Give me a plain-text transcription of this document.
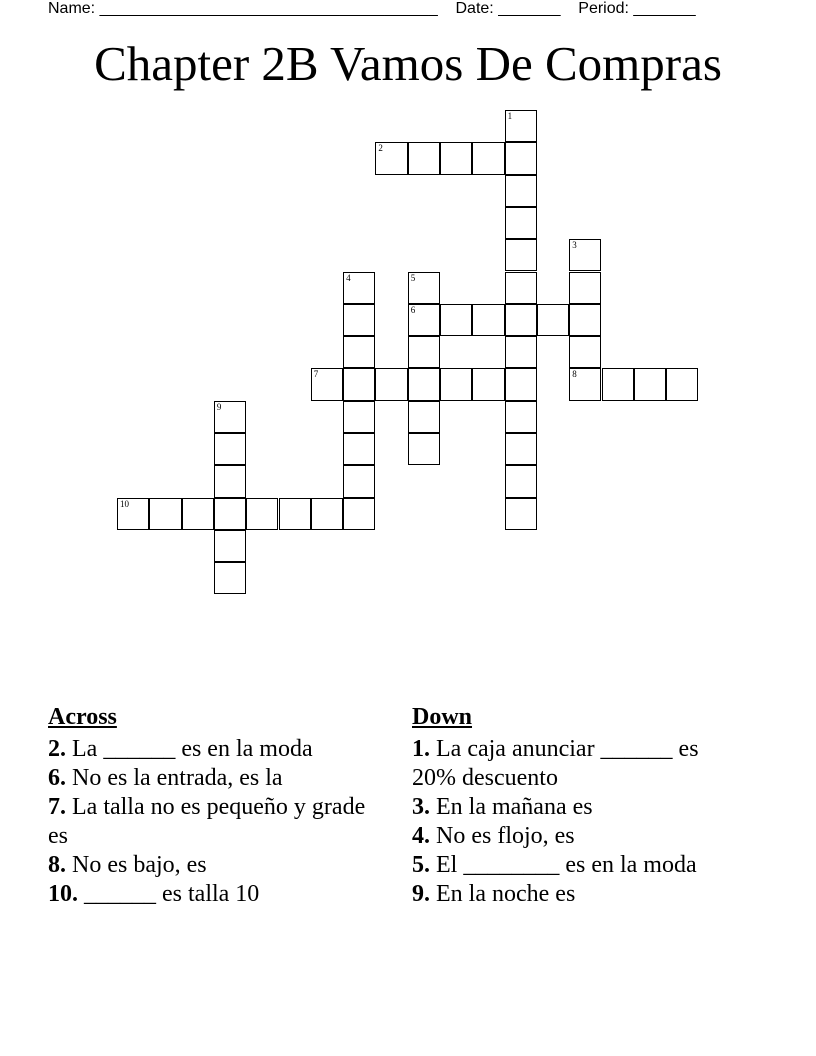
Name: ______________________________________ Date: _______ Period: _______
Chapter 2B Vamos De Compras
1
2
3
4	5
6
7	8
9
10
Across
2. La ______ es en la moda
6. No es la entrada, es la
7. La talla no es pequeño y grade es
8. No es bajo, es
10. ______ es talla 10
Down
1. La caja anunciar ______ es 20% descuento
3. En la mañana es
4. No es flojo, es
5. El ________ es en la moda
9. En la noche es
